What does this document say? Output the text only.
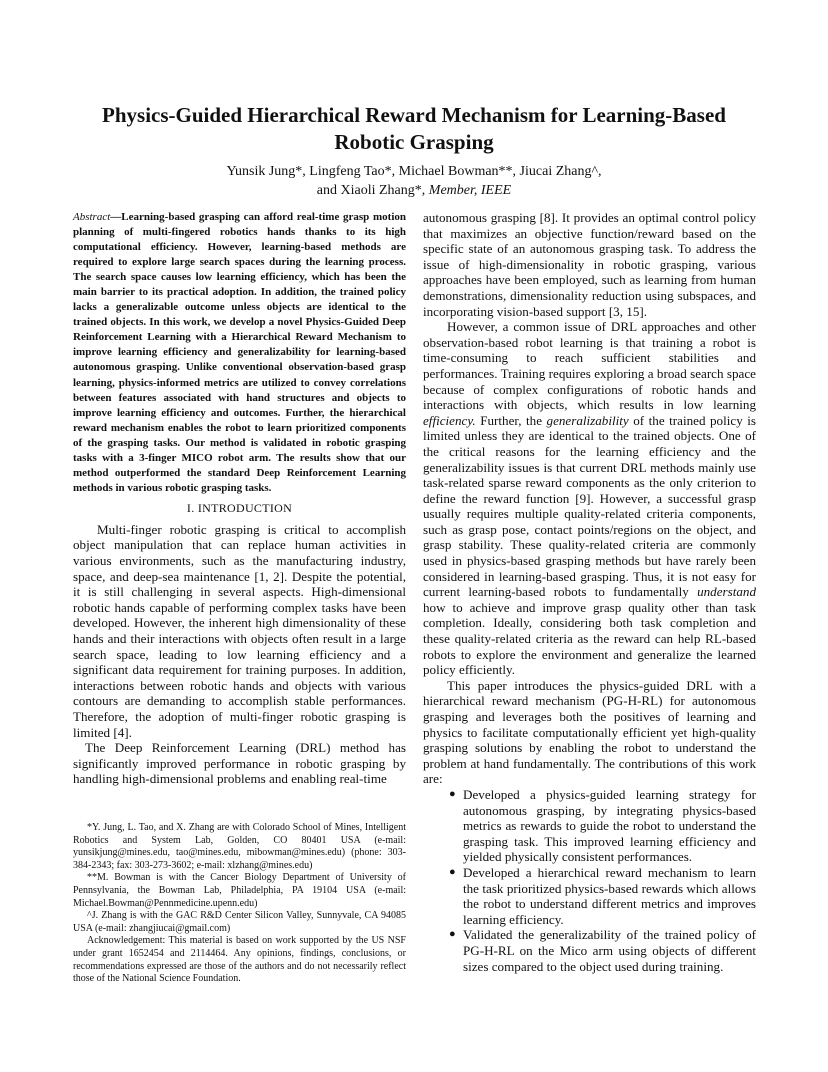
Physics-Guided Hierarchical Reward Mechanism for Learning-Based Robotic Grasping
Yunsik Jung*, Lingfeng Tao*, Michael Bowman**, Jiucai Zhang^,
and Xiaoli Zhang*, Member, IEEE

Abstract—Learning-based grasping can afford real-time grasp motion planning of multi-fingered robotics hands thanks to its high computational efficiency. However, learning-based methods are required to explore large search spaces during the learning process. The search space causes low learning efficiency, which has been the main barrier to its practical adoption. In addition, the trained policy lacks a generalizable outcome unless objects are identical to the trained objects. In this work, we develop a novel Physics-Guided Deep Reinforcement Learning with a Hierarchical Reward Mechanism to improve learning efficiency and generalizability for learning-based autonomous grasping. Unlike conventional observation-based grasp learning, physics-informed metrics are utilized to convey correlations between features associated with hand structures and objects to improve learning efficiency and outcomes. Further, the hierarchical reward mechanism enables the robot to learn prioritized components of the grasping tasks. Our method is validated in robotic grasping tasks with a 3-finger MICO robot arm. The results show that our method outperformed the standard Deep Reinforcement Learning methods in various robotic grasping tasks.

I. INTRODUCTION

Multi-finger robotic grasping is critical to accomplish object manipulation that can replace human activities in various environments, such as the manufacturing industry, space, and deep-sea maintenance [1, 2]. Despite the potential, it is still challenging in several aspects. High-dimensional robotic hands capable of performing complex tasks have been developed. However, the inherent high dimensionality of these hands and their interactions with objects often result in a large search space, leading to low learning efficiency and a significant data requirement for training purposes. In addition, interactions between robotic hands and objects with various contours are demanding to accomplish stable performances. Therefore, the adoption of multi-finger robotic grasping is limited [4].

The Deep Reinforcement Learning (DRL) method has significantly improved performance in robotic grasping by handling high-dimensional problems and enabling real-time

autonomous grasping [8]. It provides an optimal control policy that maximizes an objective function/reward based on the specific state of an autonomous grasping task. To address the issue of high-dimensionality in robotic grasping, various approaches have been employed, such as learning from human demonstrations, dimensionality reduction using subspaces, and incorporating vision-based support [3, 15].

However, a common issue of DRL approaches and other observation-based robot learning is that training a robot is time-consuming to reach sufficient stabilities and performances. Training requires exploring a broad search space because of complex configurations of robotic hands and interactions with objects, which results in low learning efficiency. Further, the generalizability of the trained policy is limited unless they are identical to the trained objects. One of the critical reasons for the learning efficiency and the generalizability issues is that current DRL methods mainly use task-related sparse reward components as the only criterion to define the reward function [9]. However, a successful grasp usually requires multiple quality-related criteria components, such as grasp pose, contact points/regions on the object, and grasp stability. These quality-related criteria are commonly used in physics-based grasping methods but have rarely been considered in learning-based grasping. Thus, it is not easy for current learning-based robots to fundamentally understand how to achieve and improve grasp quality other than task completion. Ideally, considering both task completion and these quality-related criteria as the reward can help RL-based robots to explore the environment and generalize the learned policy efficiently.

This paper introduces the physics-guided DRL with a hierarchical reward mechanism (PG-H-RL) for autonomous grasping and leverages both the positives of learning and physics to facilitate computationally efficient yet high-quality grasping solutions by enabling the robot to understand the problem at hand fundamentally. The contributions of this work are:

● Developed a physics-guided learning strategy for autonomous grasping, by integrating physics-based metrics as rewards to guide the robot to understand the grasping task. This improved learning efficiency and yielded physically consistent performances.
● Developed a hierarchical reward mechanism to learn the task prioritized physics-based rewards which allows the robot to understand different metrics and improves learning efficiency.
● Validated the generalizability of the trained policy of PG-H-RL on the Mico arm using objects of different sizes compared to the object used during training.

*Y. Jung, L. Tao, and X. Zhang are with Colorado School of Mines, Intelligent Robotics and System Lab, Golden, CO 80401 USA (e-mail: yunsikjung@mines.edu, tao@mines.edu, mibowman@mines.edu) (phone: 303-384-2343; fax: 303-273-3602; e-mail: xlzhang@mines.edu)

**M. Bowman is with the Cancer Biology Department of University of Pennsylvania, the Bowman Lab, Philadelphia, PA 19104 USA (e-mail: Michael.Bowman@Pennmedicine.upenn.edu)

^J. Zhang is with the GAC R&D Center Silicon Valley, Sunnyvale, CA 94085 USA (e-mail: zhangjiucai@gmail.com)

Acknowledgement: This material is based on work supported by the US NSF under grant 1652454 and 2114464. Any opinions, findings, conclusions, or recommendations expressed are those of the authors and do not necessarily reflect those of the National Science Foundation.
